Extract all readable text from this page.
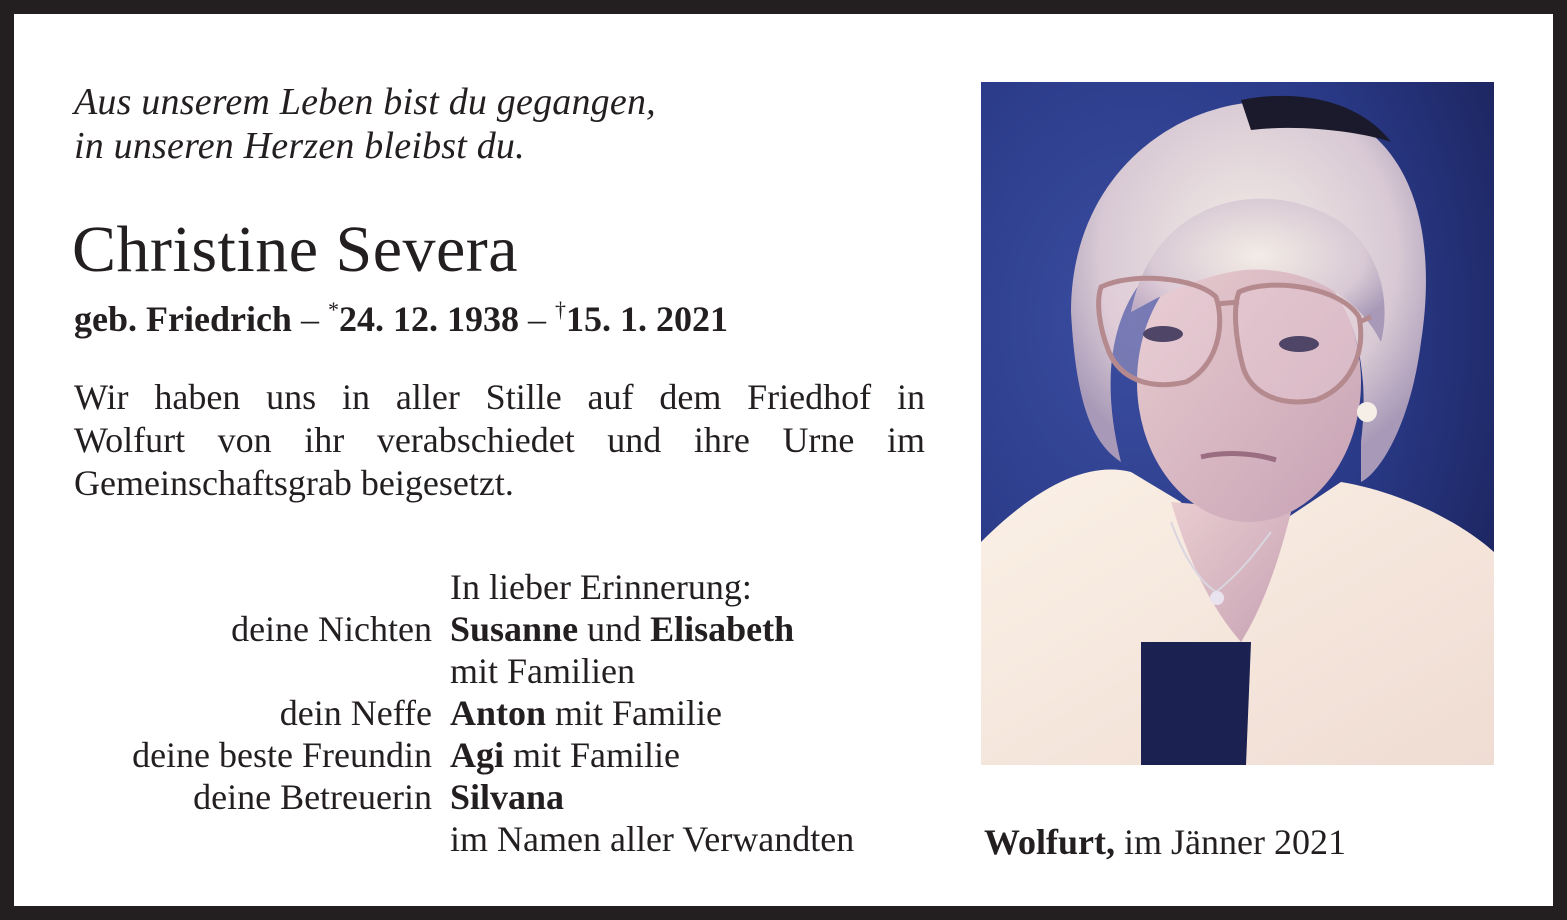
Aus unserem Leben bist du gegangen,
in unseren Herzen bleibst du.
Christine Severa
geb. Friedrich – *24. 12. 1938 – †15. 1. 2021
Wir haben uns in aller Stille auf dem Friedhof in
Wolfurt von ihr verabschiedet und ihre Urne im
Gemeinschaftsgrab beigesetzt.
In lieber Erinnerung:
deine Nichten Susanne und Elisabeth
mit Familien
dein Neffe Anton mit Familie
deine beste Freundin Agi mit Familie
deine Betreuerin Silvana
im Namen aller Verwandten	Wolfurt, im Jänner 2021
